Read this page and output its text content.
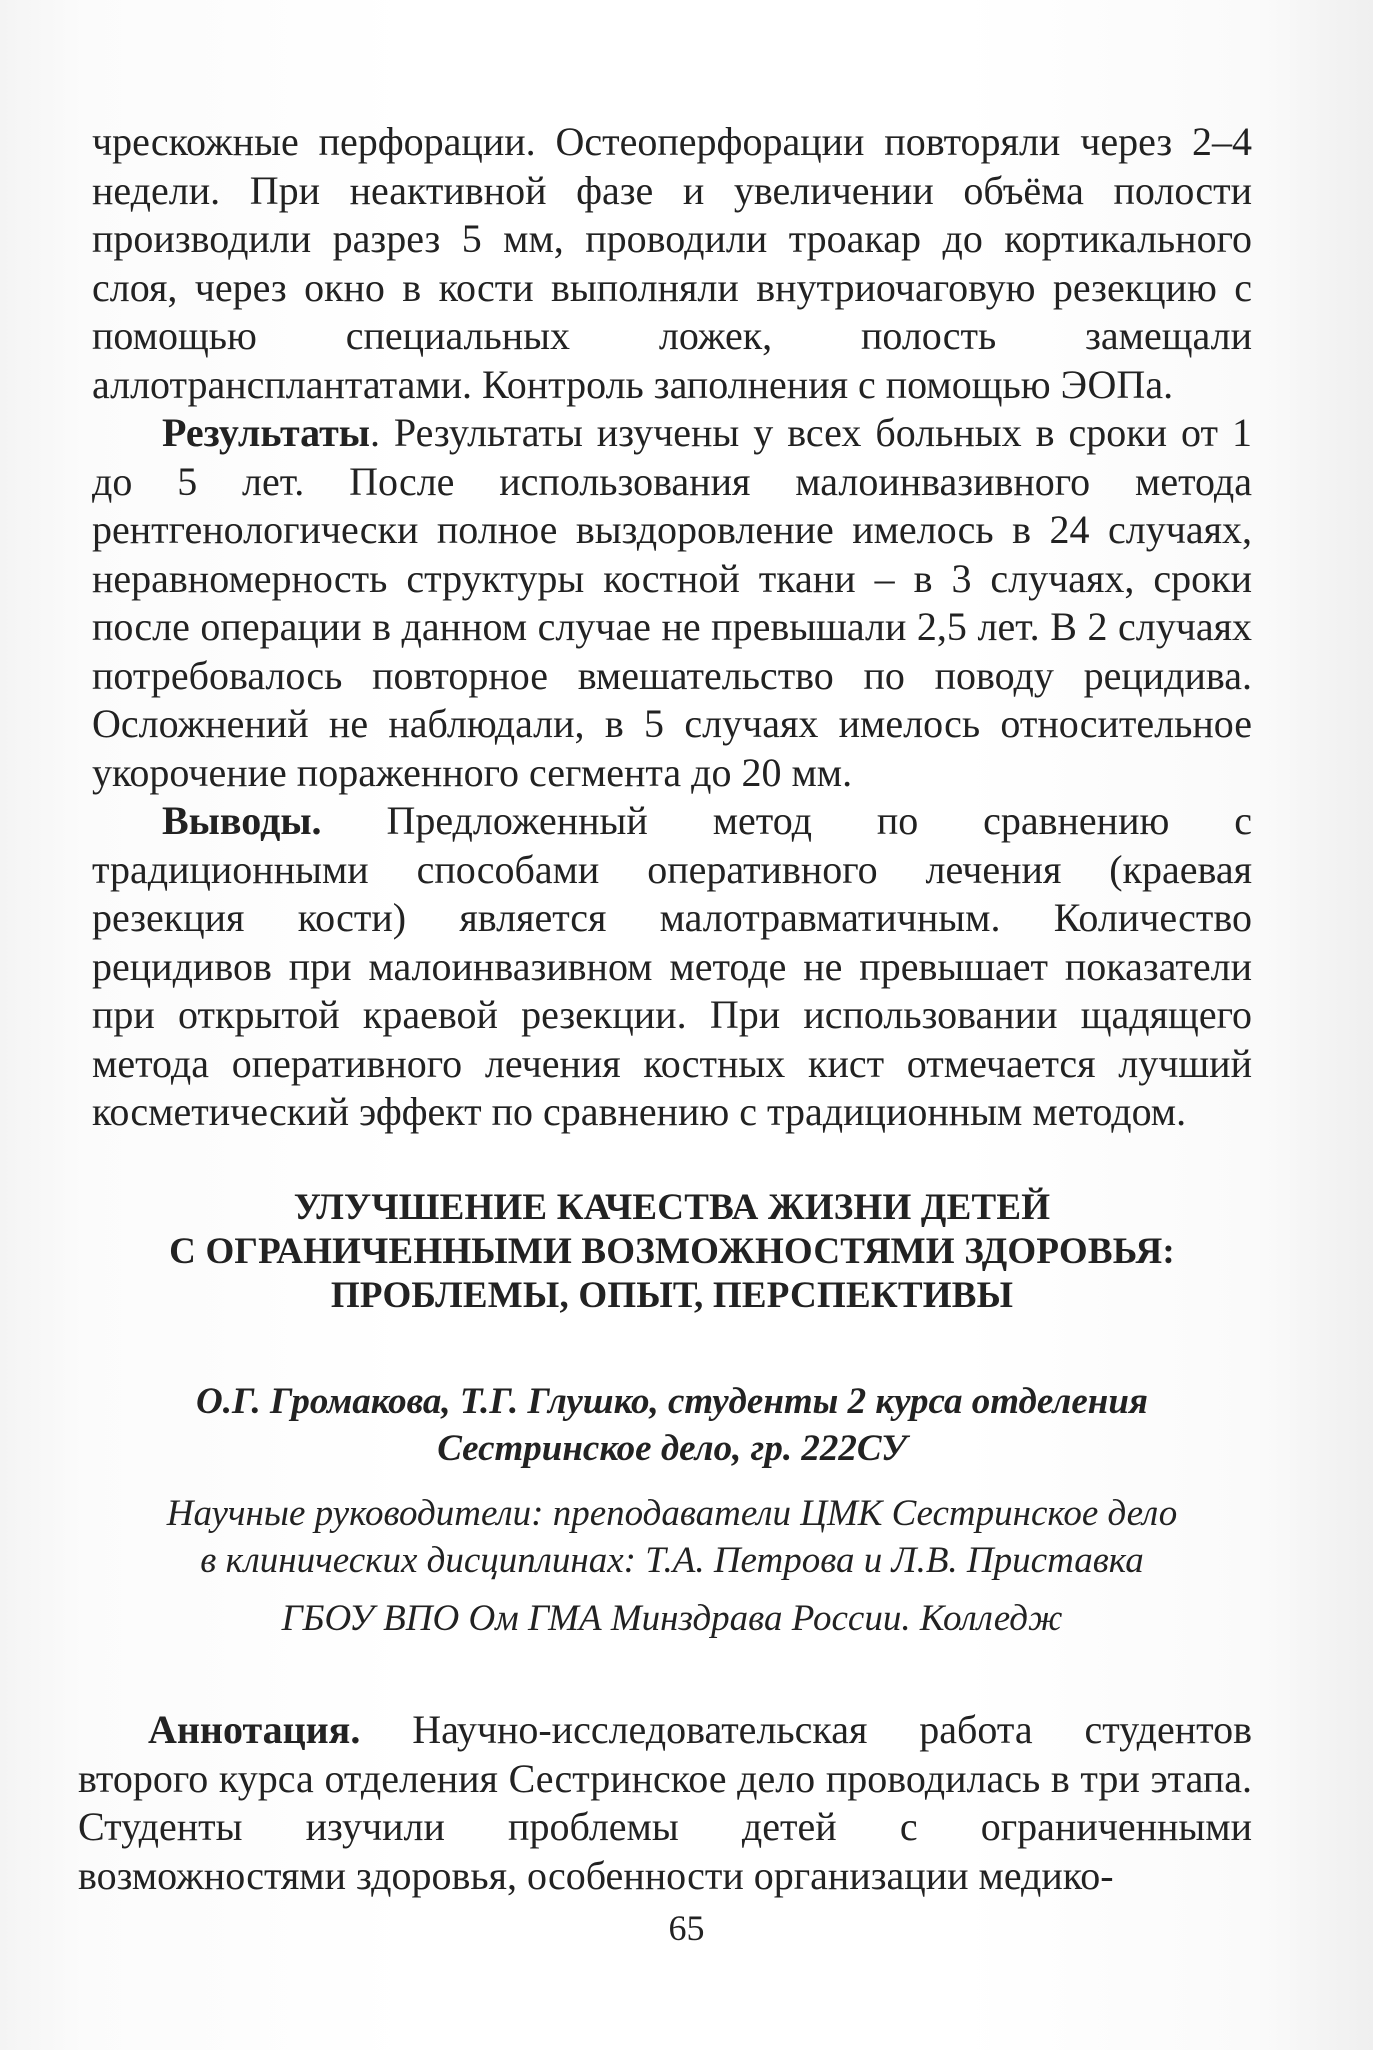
чрескожные перфорации. Остеоперфорации повторяли через 2–4 недели. При неактивной фазе и увеличении объёма полости производили разрез 5 мм, проводили троакар до кортикального слоя, через окно в кости выполняли внутриочаговую резекцию с помощью специальных ложек, полость замещали аллотрансплантатами. Контроль заполнения с помощью ЭОПа.

Результаты. Результаты изучены у всех больных в сроки от 1 до 5 лет. После использования малоинвазивного метода рентгенологически полное выздоровление имелось в 24 случаях, неравномерность структуры костной ткани – в 3 случаях, сроки после операции в данном случае не превышали 2,5 лет. В 2 случаях потребовалось повторное вмешательство по поводу рецидива. Осложнений не наблюдали, в 5 случаях имелось относительное укорочение пораженного сегмента до 20 мм.

Выводы. Предложенный метод по сравнению с традиционными способами оперативного лечения (краевая резекция кости) является малотравматичным. Количество рецидивов при малоинвазивном методе не превышает показатели при открытой краевой резекции. При использовании щадящего метода оперативного лечения костных кист отмечается лучший косметический эффект по сравнению с традиционным методом.

УЛУЧШЕНИЕ КАЧЕСТВА ЖИЗНИ ДЕТЕЙ
С ОГРАНИЧЕННЫМИ ВОЗМОЖНОСТЯМИ ЗДОРОВЬЯ:
ПРОБЛЕМЫ, ОПЫТ, ПЕРСПЕКТИВЫ
О.Г. Громакова, Т.Г. Глушко, студенты 2 курса отделения
Сестринское дело, гр. 222СУ
Научные руководители: преподаватели ЦМК Сестринское дело
в клинических дисциплинах: Т.А. Петрова и Л.В. Приставка
ГБОУ ВПО Ом ГМА Минздрава России. Колледж

Аннотация. Научно-исследовательская работа студентов второго курса отделения Сестринское дело проводилась в три этапа. Студенты изучили проблемы детей с ограниченными возможностями здоровья, особенности организации медико-

65
